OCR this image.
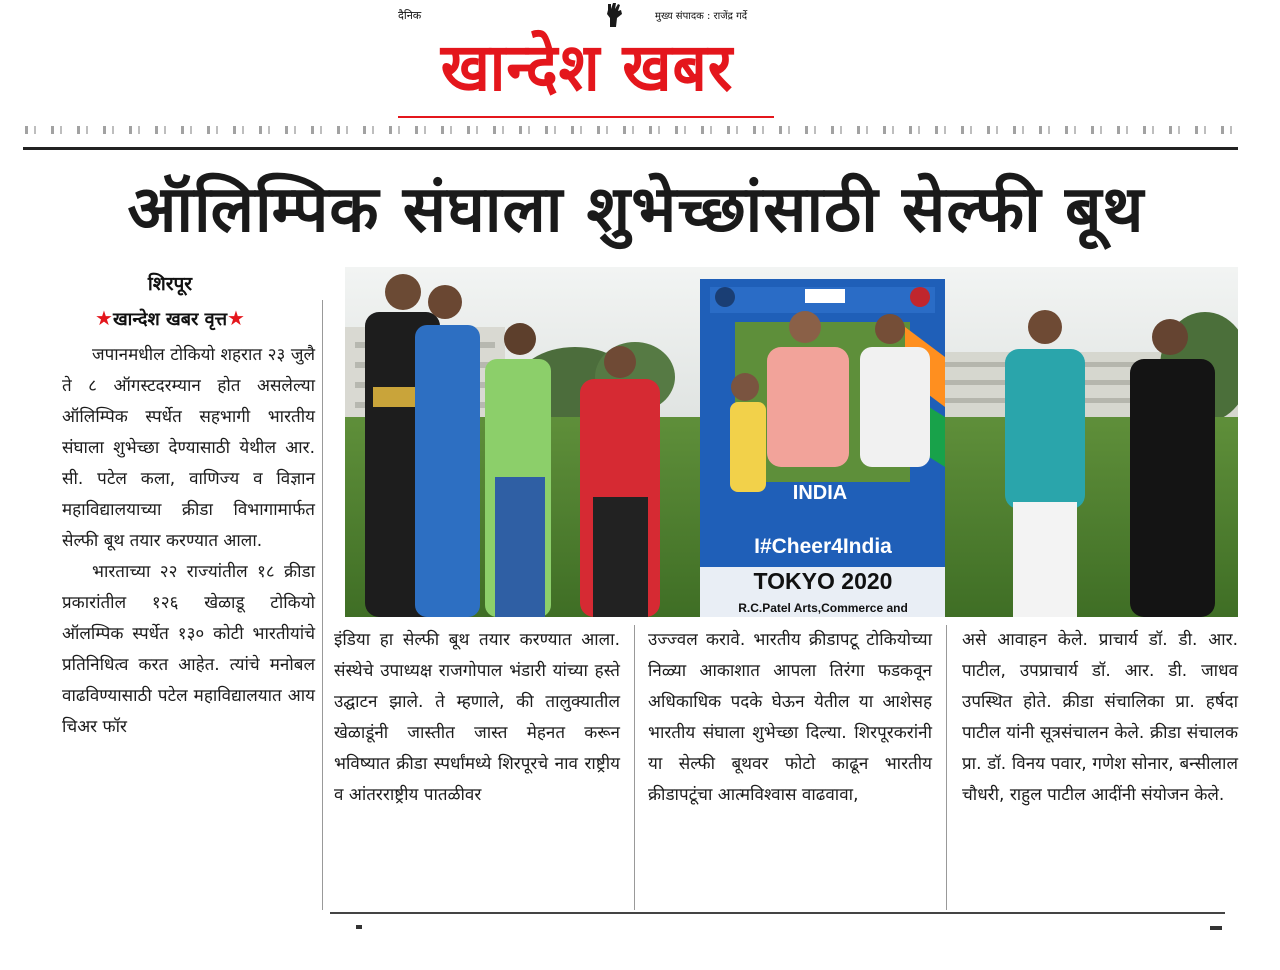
दैनिक	मुख्य संपादक : राजेंद्र गर्दे
खान्देश खबर
ऑलिम्पिक संघाला शुभेच्छांसाठी सेल्फी बूथ
शिरपूर
★खान्देश खबर वृत्त★
INDIA
I#Cheer4India
TOKYO 2020
R.C.Patel Arts,Commerce and

जपानमधील टोकियो शहरात २३ जुलै ते ८ ऑगस्टदरम्यान होत असलेल्या ऑलिम्पिक स्पर्धेत सहभागी भारतीय संघाला शुभेच्छा देण्यासाठी येथील आर. सी. पटेल कला, वाणिज्य व विज्ञान महाविद्यालयाच्या क्रीडा विभागामार्फत सेल्फी बूथ तयार करण्यात आला.

भारताच्या २२ राज्यांतील १८ क्रीडा प्रकारांतील १२६ खेळाडू टोकियो ऑलम्पिक स्पर्धेत १३० कोटी भारतीयांचे प्रतिनिधित्व करत आहेत. त्यांचे मनोबल वाढविण्यासाठी पटेल महाविद्यालयात आय चिअर फॉर

इंडिया हा सेल्फी बूथ तयार करण्यात आला. संस्थेचे उपाध्यक्ष राजगोपाल भंडारी यांच्या हस्ते उद्घाटन झाले. ते म्हणाले, की तालुक्यातील खेळाडूंनी जास्तीत जास्त मेहनत करून भविष्यात क्रीडा स्पर्धांमध्ये शिरपूरचे नाव राष्ट्रीय व आंतरराष्ट्रीय पातळीवर

उज्ज्वल करावे. भारतीय क्रीडापटू टोकियोच्या निळ्या आकाशात आपला तिरंगा फडकवून अधिकाधिक पदके घेऊन येतील या आशेसह भारतीय संघाला शुभेच्छा दिल्या. शिरपूरकरांनी या सेल्फी बूथवर फोटो काढून भारतीय क्रीडापटूंचा आत्मविश्वास वाढवावा,

असे आवाहन केले. प्राचार्य डॉ. डी. आर. पाटील, उपप्राचार्य डॉ. आर. डी. जाधव उपस्थित होते. क्रीडा संचालिका प्रा. हर्षदा पाटील यांनी सूत्रसंचालन केले. क्रीडा संचालक प्रा. डॉ. विनय पवार, गणेश सोनार, बन्सीलाल चौधरी, राहुल पाटील आदींनी संयोजन केले.
